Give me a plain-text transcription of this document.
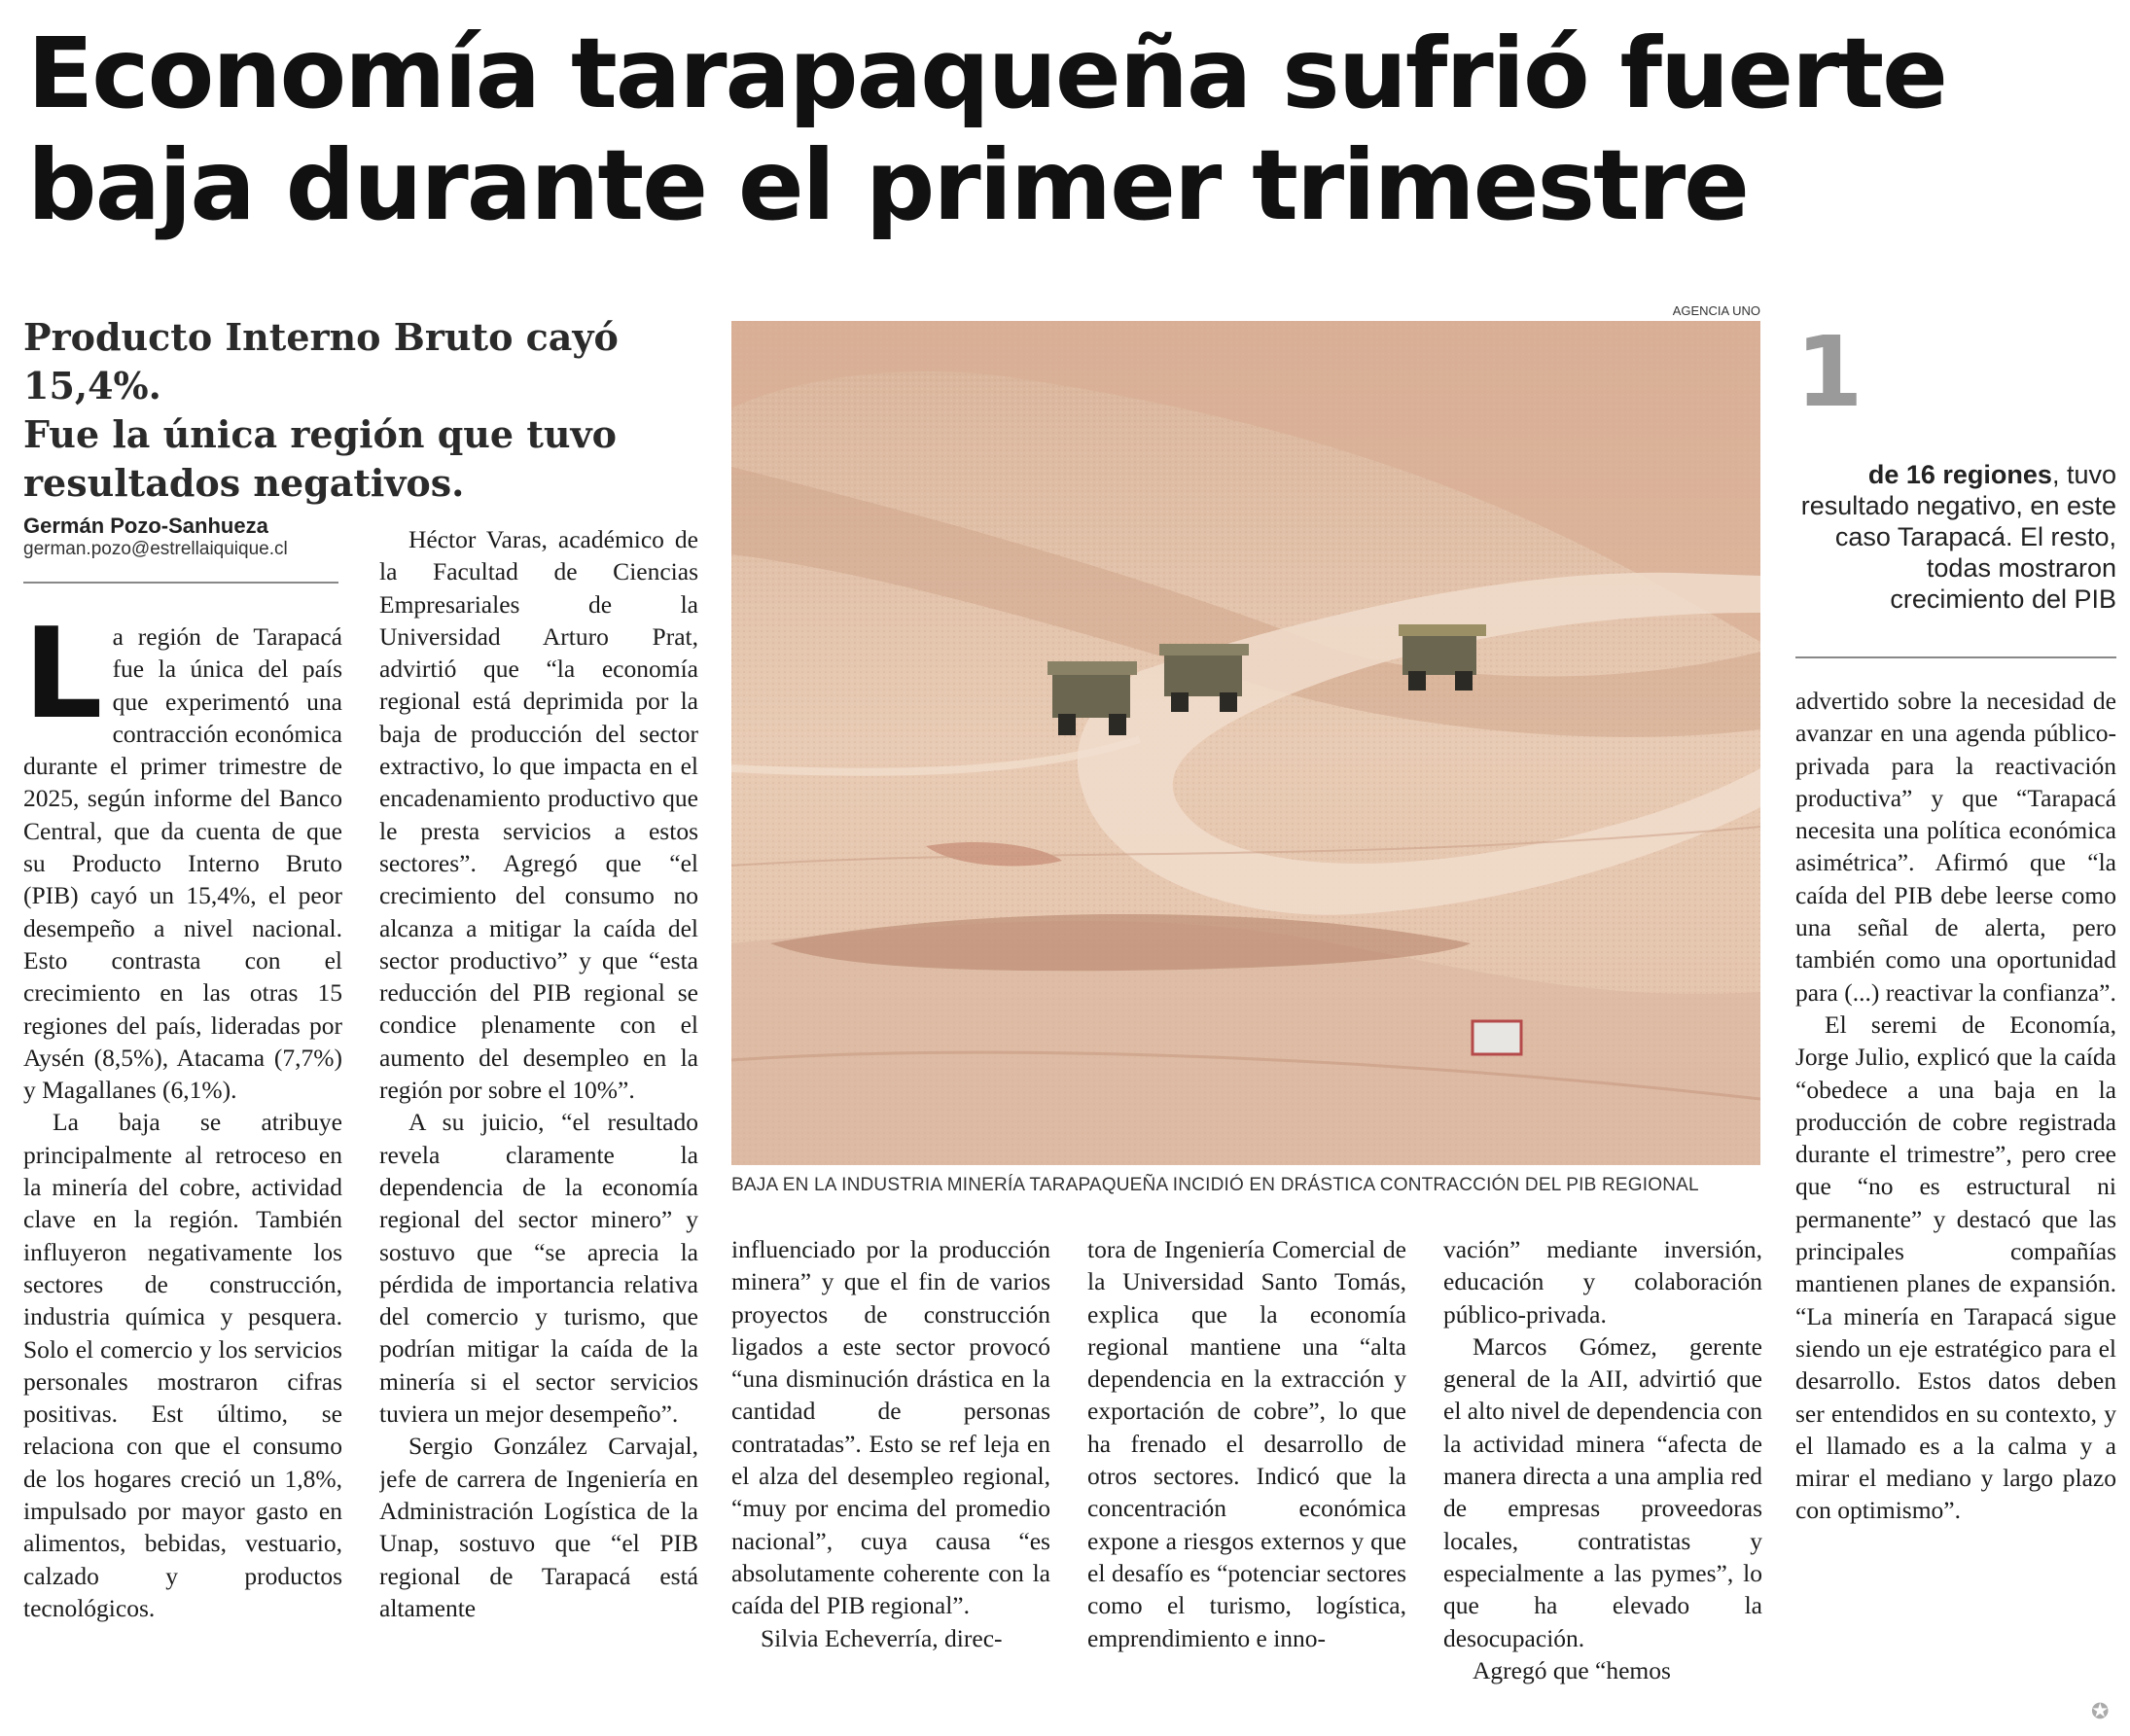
Economía tarapaqueña sufrió fuerte
baja durante el primer trimestre
Producto Interno Bruto cayó 15,4%.
Fue la única región que tuvo
resultados negativos.
Germán Pozo-Sanhueza
german.pozo@estrellaiquique.cl

La región de Tarapacá fue la única del país que experimentó una contracción económica durante el primer trimestre de 2025, según informe del Banco Central, que da cuenta de que su Producto Interno Bruto (PIB) cayó un 15,4%, el peor desempeño a nivel nacional. Esto contrasta con el crecimiento en las otras 15 regiones del país, lideradas por Aysén (8,5%), Atacama (7,7%) y Magallanes (6,1%).

La baja se atribuye principalmente al retroceso en la minería del cobre, actividad clave en la región. También influyeron negativamente los sectores de construcción, industria química y pesquera. Solo el comercio y los servicios personales mostraron cifras positivas. Est último, se relaciona con que el consumo de los hogares creció un 1,8%, impulsado por mayor gasto en alimentos, bebidas, vestuario, calzado y productos tecnológicos.

Héctor Varas, académico de la Facultad de Ciencias Empresariales de la Universidad Arturo Prat, advirtió que “la economía regional está deprimida por la baja de producción del sector extractivo, lo que impacta en el encadenamiento productivo que le presta servicios a estos sectores”. Agregó que “el crecimiento del consumo no alcanza a mitigar la caída del sector productivo” y que “esta reducción del PIB regional se condice plenamente con el aumento del desempleo en la región por sobre el 10%”.

A su juicio, “el resultado revela claramente la dependencia de la economía regional del sector minero” y sostuvo que “se aprecia la pérdida de importancia relativa del comercio y turismo, que podrían mitigar la caída de la minería si el sector servicios tuviera un mejor desempeño”.

Sergio González Carvajal, jefe de carrera de Ingeniería en Administración Logística de la Unap, sostuvo que “el PIB regional de Tarapacá está altamente

AGENCIA UNO
BAJA EN LA INDUSTRIA MINERÍA TARAPAQUEÑA INCIDIÓ EN DRÁSTICA CONTRACCIÓN DEL PIB REGIONAL

influenciado por la producción minera” y que el fin de varios proyectos de construcción ligados a este sector provocó “una disminución drástica en la cantidad de personas contratadas”. Esto se ref leja en el alza del desempleo regional, “muy por encima del promedio nacional”, cuya causa “es absolutamente coherente con la caída del PIB regional”.

Silvia Echeverría, direc-

tora de Ingeniería Comercial de la Universidad Santo Tomás, explica que la economía regional mantiene una “alta dependencia en la extracción y exportación de cobre”, lo que ha frenado el desarrollo de otros sectores. Indicó que la concentración económica expone a riesgos externos y que el desafío es “potenciar sectores como el turismo, logística, emprendimiento e inno-

vación” mediante inversión, educación y colaboración público-privada.

Marcos Gómez, gerente general de la AII, advirtió que el alto nivel de dependencia con la actividad minera “afecta de manera directa a una amplia red de empresas proveedoras locales, contratistas y especialmente a las pymes”, lo que ha elevado la desocupación.

Agregó que “hemos

1
de 16 regiones, tuvo resultado negativo, en este caso Tarapacá. El resto, todas mostraron crecimiento del PIB

advertido sobre la necesidad de avanzar en una agenda público-privada para la reactivación productiva” y que “Tarapacá necesita una política económica asimétrica”. Afirmó que “la caída del PIB debe leerse como una señal de alerta, pero también como una oportunidad para (...) reactivar la confianza”.

El seremi de Economía, Jorge Julio, explicó que la caída “obedece a una baja en la producción de cobre registrada durante el trimestre”, pero cree que “no es estructural ni permanente” y destacó que las principales compañías mantienen planes de expansión. “La minería en Tarapacá sigue siendo un eje estratégico para el desarrollo. Estos datos deben ser entendidos en su contexto, y el llamado es a la calma y a mirar el mediano y largo plazo con optimismo”.

✪
